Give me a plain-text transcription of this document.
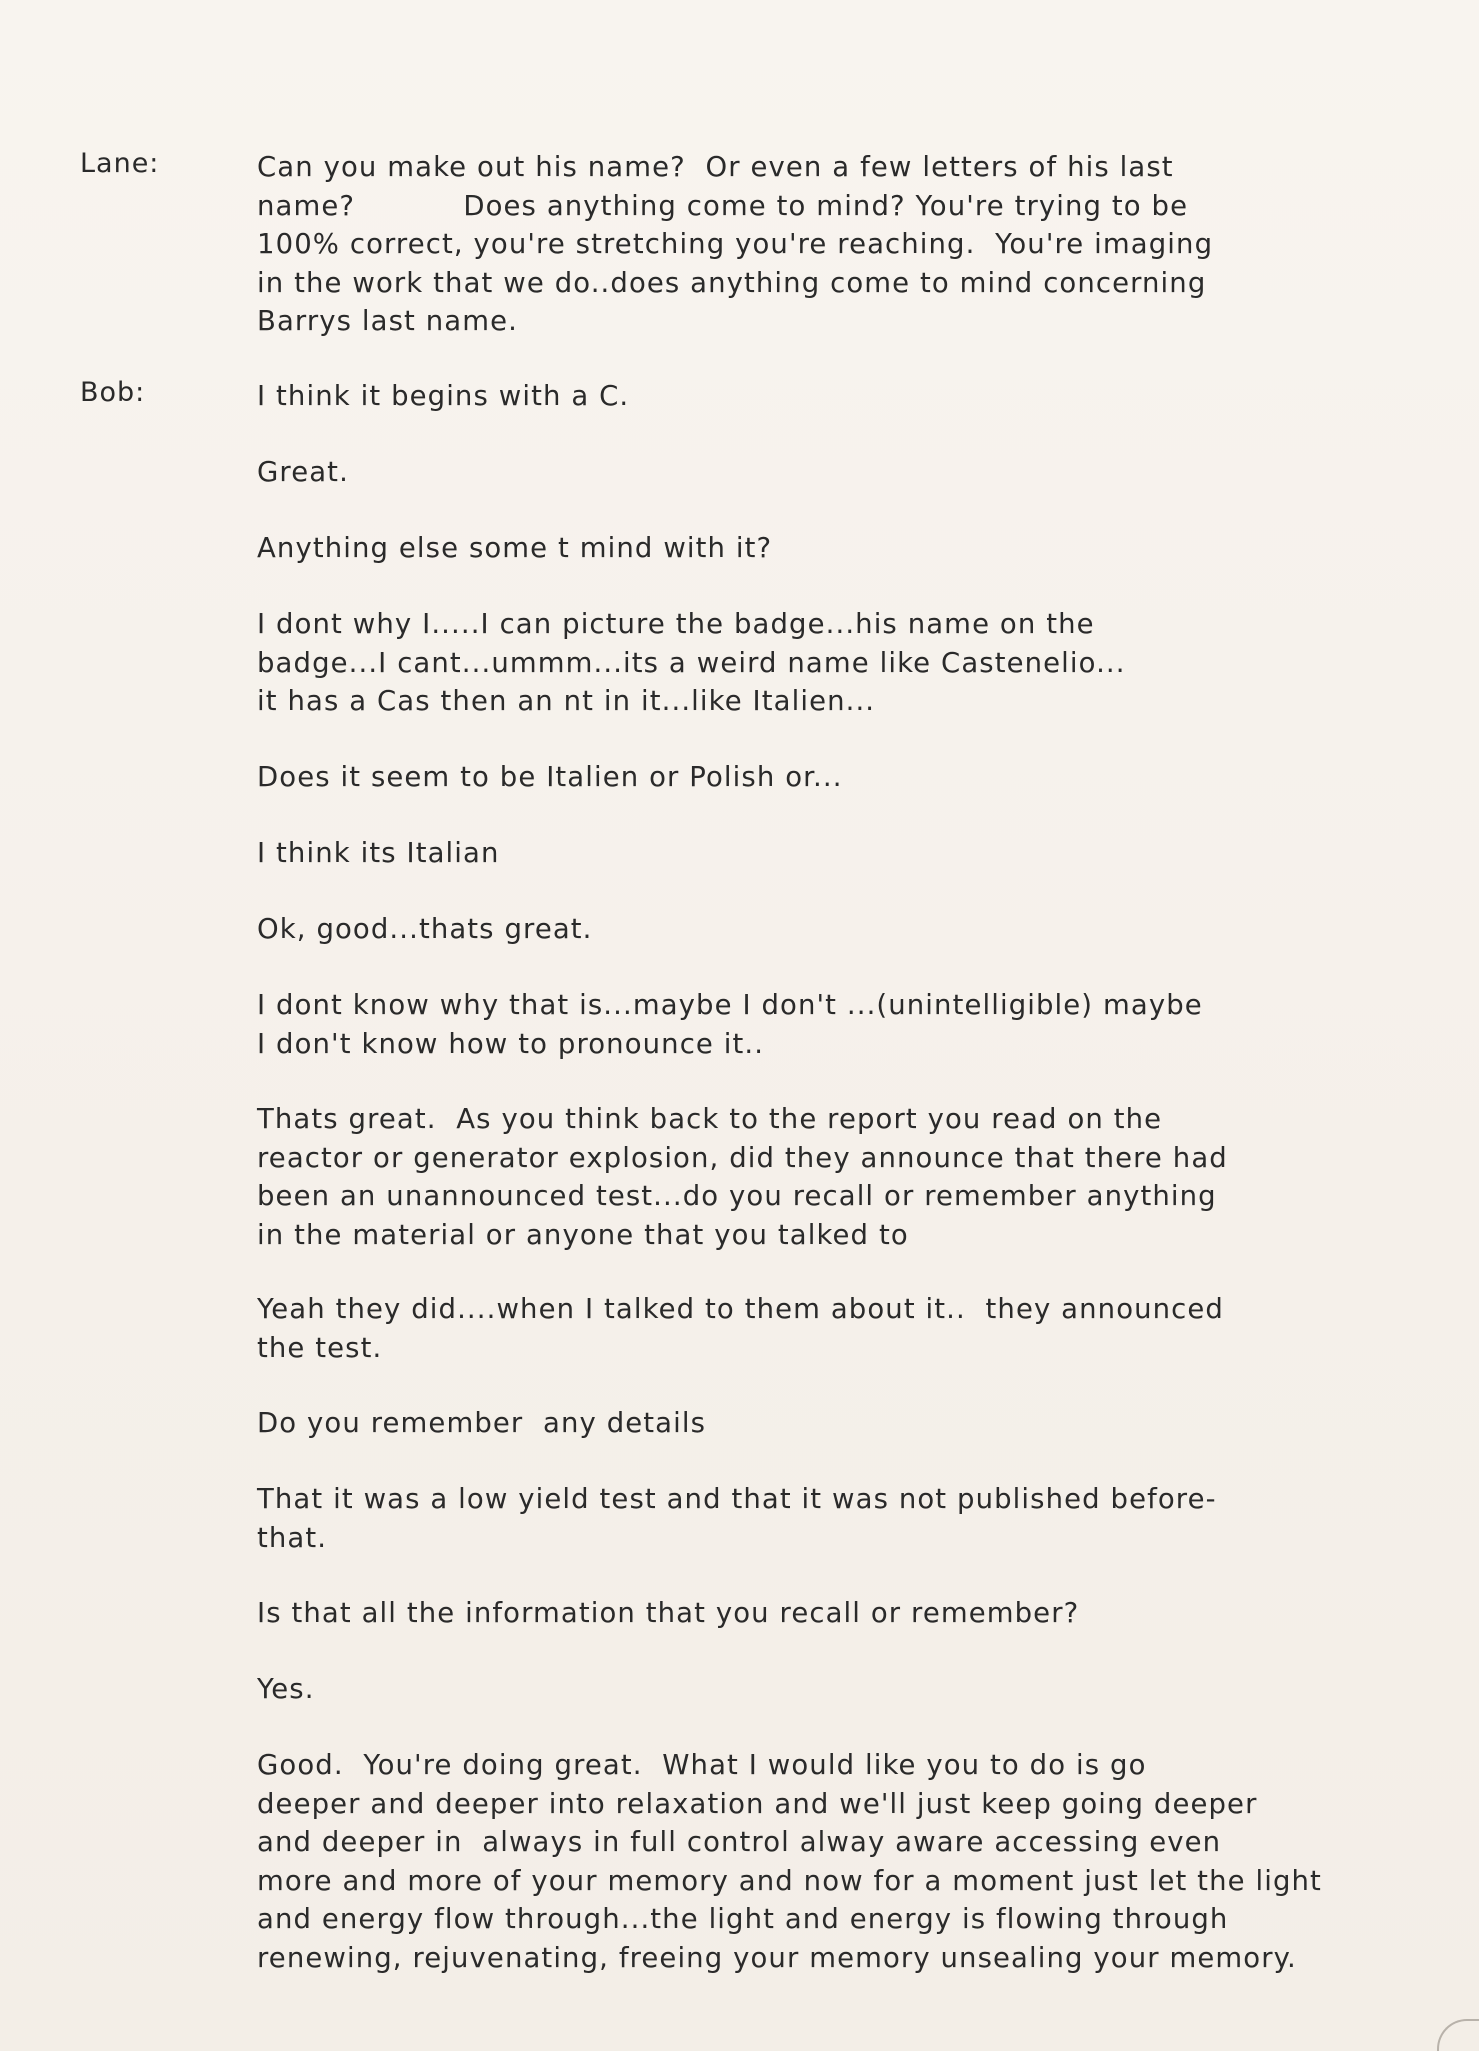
Lane:	Can you make out his name?  Or even a few letters of his last
name?           Does anything come to mind? You're trying to be
100% correct, you're stretching you're reaching.  You're imaging
in the work that we do..does anything come to mind concerning
Barrys last name.
Bob:	I think it begins with a C.
Great.
Anything else some t mind with it?
I dont why I.....I can picture the badge...his name on the
badge...I cant...ummm...its a weird name like Castenelio...
it has a Cas then an nt in it...like Italien...
Does it seem to be Italien or Polish or...
I think its Italian
Ok, good...thats great.
I dont know why that is...maybe I don't ...(unintelligible) maybe
I don't know how to pronounce it..
Thats great.  As you think back to the report you read on the
reactor or generator explosion, did they announce that there had
been an unannounced test...do you recall or remember anything
in the material or anyone that you talked to
Yeah they did....when I talked to them about it..  they announced
the test.
Do you remember  any details
That it was a low yield test and that it was not published before-
that.
Is that all the information that you recall or remember?
Yes.
Good.  You're doing great.  What I would like you to do is go
deeper and deeper into relaxation and we'll just keep going deeper
and deeper in  always in full control alway aware accessing even
more and more of your memory and now for a moment just let the light
and energy flow through...the light and energy is flowing through
renewing, rejuvenating, freeing your memory unsealing your memory.
